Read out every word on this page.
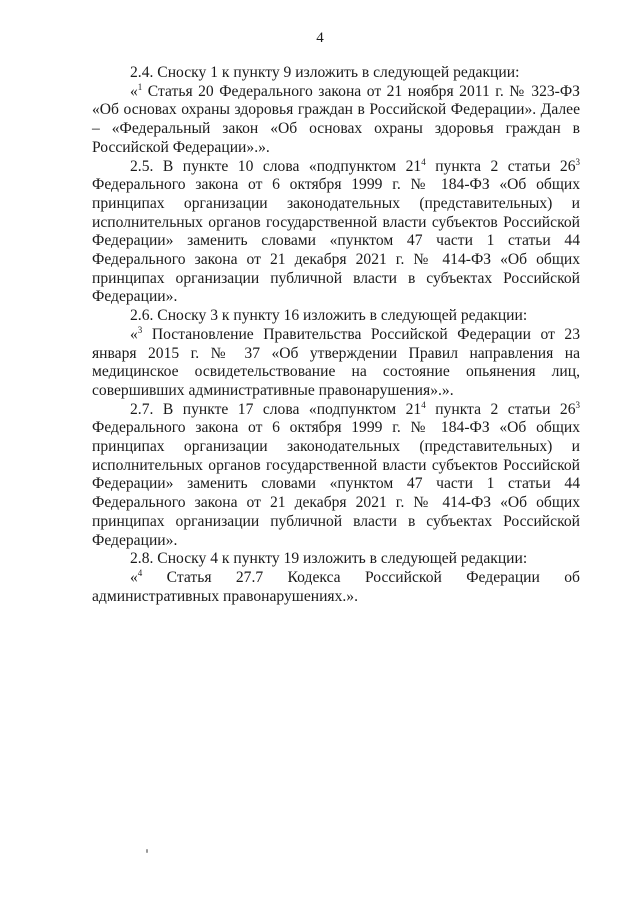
4

2.4. Сноску 1 к пункту 9 изложить в следующей редакции:

«$^1$ Статья 20 Федерального закона от 21 ноября 2011 г. № 323-ФЗ «Об основах охраны здоровья граждан в Российской Федерации». Далее – «Федеральный закон «Об основах охраны здоровья граждан в Российской Федерации».».

2.5. В пункте 10 слова «подпунктом $21^4$ пункта 2 статьи $26^3$ Федерального закона от 6 октября 1999 г. № 184-ФЗ «Об общих принципах организации законодательных (представительных) и исполнительных органов государственной власти субъектов Российской Федерации» заменить словами «пунктом 47 части 1 статьи 44 Федерального закона от 21 декабря 2021 г. № 414-ФЗ «Об общих принципах организации публичной власти в субъектах Российской Федерации».

2.6. Сноску 3 к пункту 16 изложить в следующей редакции:

«$^3$ Постановление Правительства Российской Федерации от 23 января 2015 г. № 37 «Об утверждении Правил направления на медицинское освидетельствование на состояние опьянения лиц, совершивших административные правонарушения».».

2.7. В пункте 17 слова «подпунктом $21^4$ пункта 2 статьи $26^3$ Федерального закона от 6 октября 1999 г. № 184-ФЗ «Об общих принципах организации законодательных (представительных) и исполнительных органов государственной власти субъектов Российской Федерации» заменить словами «пунктом 47 части 1 статьи 44 Федерального закона от 21 декабря 2021 г. № 414-ФЗ «Об общих принципах организации публичной власти в субъектах Российской Федерации».

2.8. Сноску 4 к пункту 19 изложить в следующей редакции:

«$^4$ Статья 27.7 Кодекса Российской Федерации об административных правонарушениях.».
